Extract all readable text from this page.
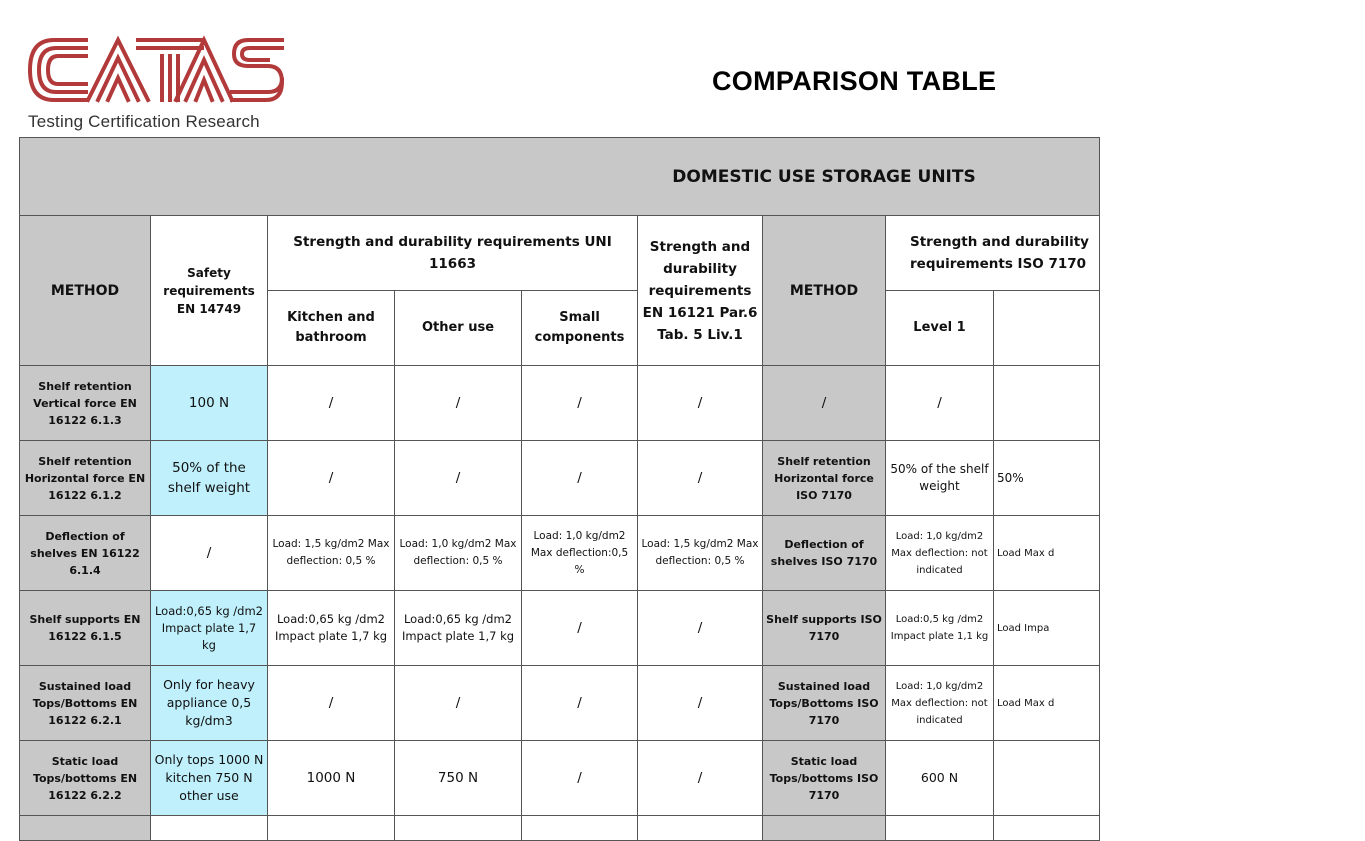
Testing Certification Research
COMPARISON TABLE
DOMESTIC USE STORAGE UNITS								
METHOD	Safety requirements EN 14749	Strength and durability requirements UNI 11663			Strength and durability requirements EN 16121 Par.6 Tab. 5 Liv.1	METHOD	Strength and durability requirements ISO 7170	
		Kitchen and bathroom	Other use	Small components			Level 1	
Shelf retention Vertical force EN 16122 6.1.3	100 N	/	/	/	/	/	/	
Shelf retention Horizontal force EN 16122 6.1.2	50% of the shelf weight	/	/	/	/	Shelf retention Horizontal force ISO 7170	50% of the shelf weight	50%
Deflection of shelves EN 16122 6.1.4	/	Load: 1,5 kg/dm2 Max deflection: 0,5 %	Load: 1,0 kg/dm2 Max deflection: 0,5 %	Load: 1,0 kg/dm2 Max deflection:0,5 %	Load: 1,5 kg/dm2 Max deflection: 0,5 %	Deflection of shelves ISO 7170	Load: 1,0 kg/dm2 Max deflection: not indicated	Load Max d
Shelf supports EN 16122 6.1.5	Load:0,65 kg /dm2 Impact plate 1,7 kg	Load:0,65 kg /dm2 Impact plate 1,7 kg	Load:0,65 kg /dm2 Impact plate 1,7 kg	/	/	Shelf supports ISO 7170	Load:0,5 kg /dm2 Impact plate 1,1 kg	Load Impa
Sustained load Tops/Bottoms EN 16122 6.2.1	Only for heavy appliance 0,5 kg/dm3	/	/	/	/	Sustained load Tops/Bottoms ISO 7170	Load: 1,0 kg/dm2 Max deflection: not indicated	Load Max d
Static load Tops/bottoms EN 16122 6.2.2	Only tops 1000 N kitchen 750 N other use	1000 N	750 N	/	/	Static load Tops/bottoms ISO 7170	600 N	
